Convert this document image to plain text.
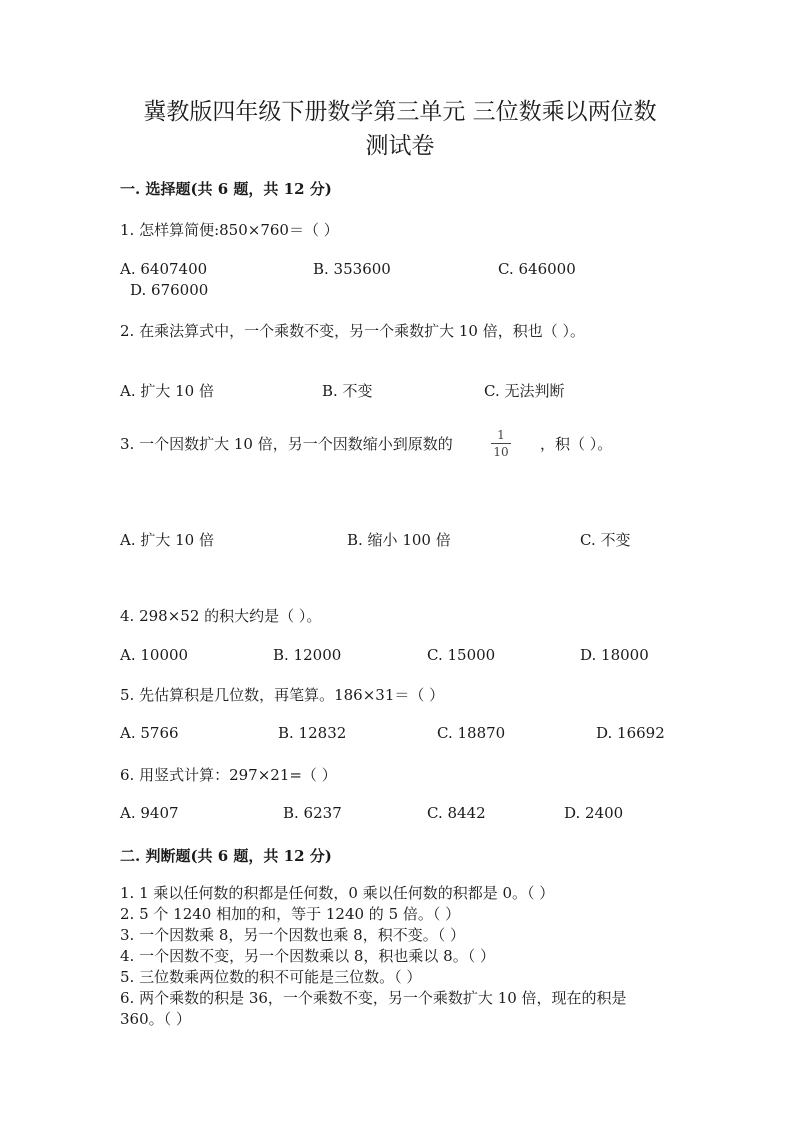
冀教版四年级下册数学第三单元 三位数乘以两位数
测试卷
一. 选择题(共 6 题，共 12 分)
1. 怎样算简便:850×760＝（ ）
A. 6407400	B. 353600	C. 646000
D. 676000
2. 在乘法算式中，一个乘数不变，另一个乘数扩大 10 倍，积也（ ）。
A. 扩大 10 倍	B. 不变	C. 无法判断
3. 一个因数扩大 10 倍，另一个因数缩小到原数的	1
10 ，积（ ）。
A. 扩大 10 倍	B. 缩小 100 倍	C. 不变
4. 298×52 的积大约是（ ）。
A. 10000	B. 12000	C. 15000	D. 18000
5. 先估算积是几位数，再笔算。186×31＝（ ）
A. 5766	B. 12832	C. 18870	D. 16692
6. 用竖式计算：297×21=（ ）
A. 9407	B. 6237	C. 8442	D. 2400
二. 判断题(共 6 题，共 12 分)
1. 1 乘以任何数的积都是任何数，0 乘以任何数的积都是 0。（ ）
2. 5 个 1240 相加的和，等于 1240 的 5 倍。（ ）
3. 一个因数乘 8，另一个因数也乘 8，积不变。（ ）
4. 一个因数不变，另一个因数乘以 8，积也乘以 8。（ ）
5. 三位数乘两位数的积不可能是三位数。（ ）
6. 两个乘数的积是 36，一个乘数不变，另一个乘数扩大 10 倍，现在的积是
360。（ ）
